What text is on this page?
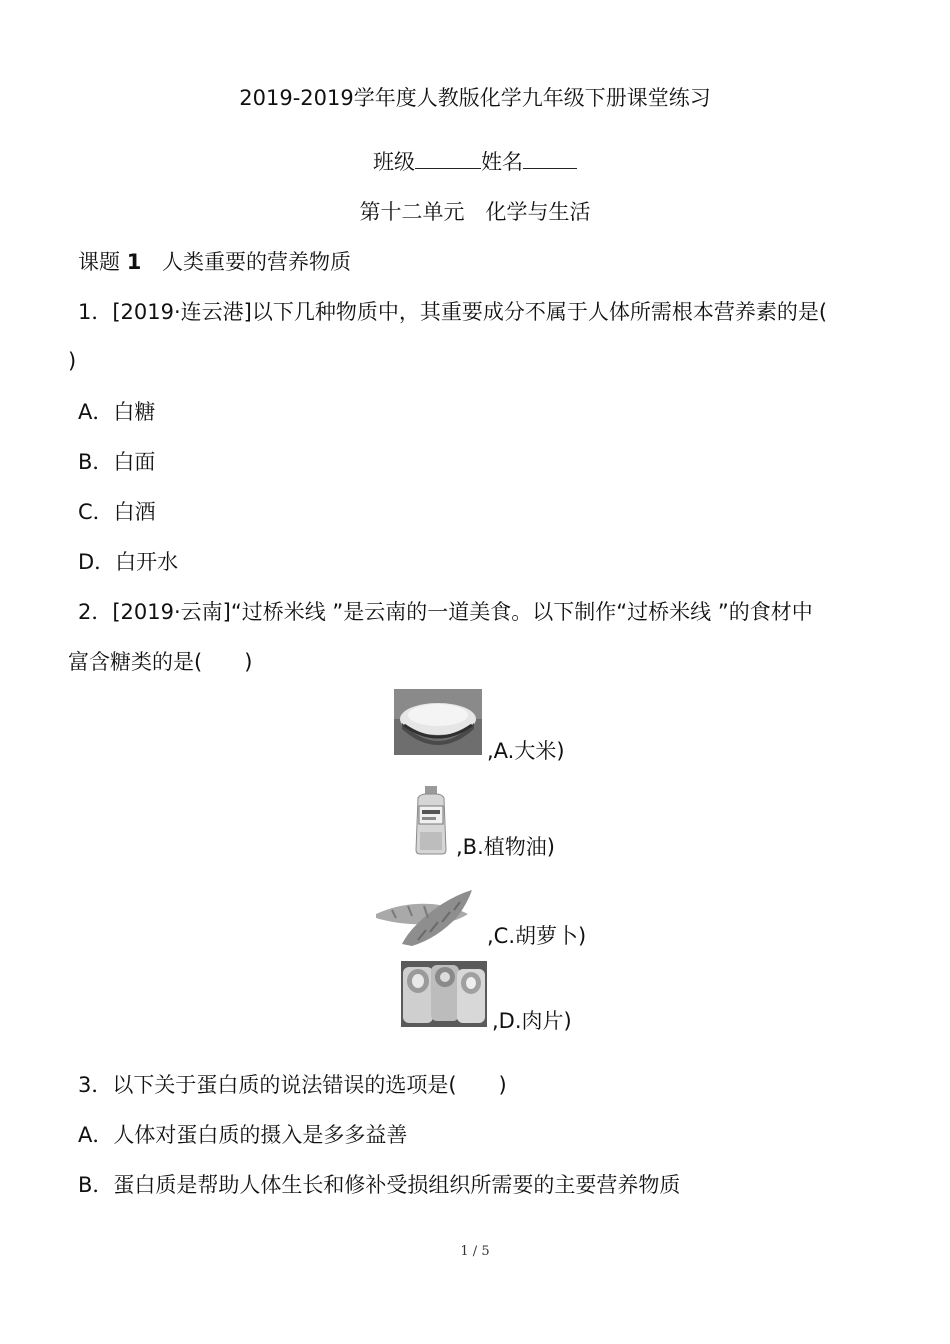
2019-2019学年度人教版化学九年级下册课堂练习
班级	姓名
第十二单元　化学与生活
课题 1 人类重要的营养物质
1．[2019·连云港]以下几种物质中，其重要成分不属于人体所需根本营养素的是(
)
A．白糖
B．白面
C．白酒
D．白开水
2．[2019·云南]“过桥米线 ”是云南的一道美食。以下制作“过桥米线 ”的食材中
富含糖类的是(　　)
,A.大米)
,B.植物油)
,C.胡萝卜)
,D.肉片)
3．以下关于蛋白质的说法错误的选项是(　　)
A．人体对蛋白质的摄入是多多益善
B．蛋白质是帮助人体生长和修补受损组织所需要的主要营养物质
1 / 5
